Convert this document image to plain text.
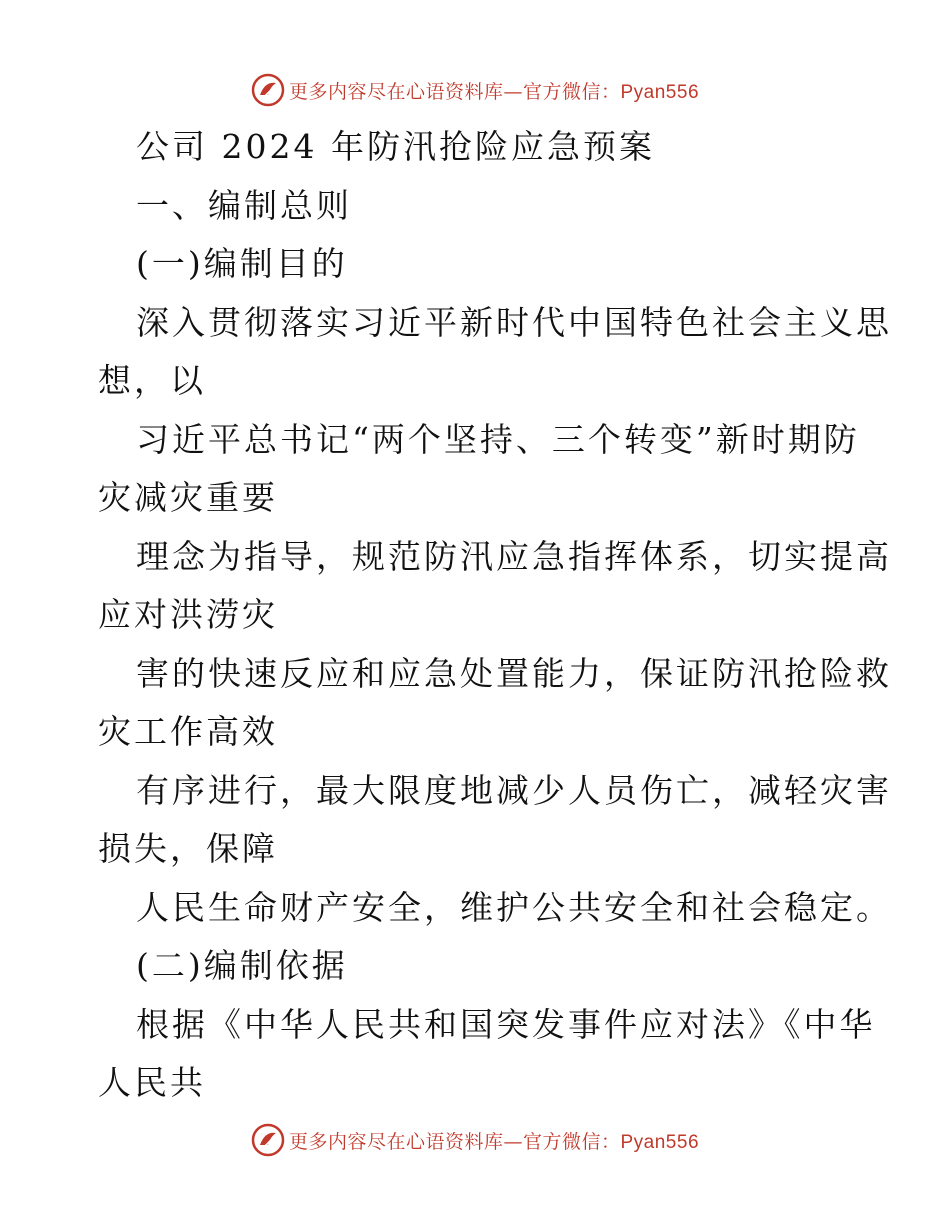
更多内容尽在心语资料库—官方微信：Pyan556
公司 2024 年防汛抢险应急预案
一、编制总则
(一)编制目的
深入贯彻落实习近平新时代中国特色社会主义思
想，以
习近平总书记“两个坚持、三个转变”新时期防
灾减灾重要
理念为指导，规范防汛应急指挥体系，切实提高
应对洪涝灾
害的快速反应和应急处置能力，保证防汛抢险救
灾工作高效
有序进行，最大限度地减少人员伤亡，减轻灾害
损失，保障
人民生命财产安全，维护公共安全和社会稳定。
(二)编制依据
根据《中华人民共和国突发事件应对法》《中华
人民共
更多内容尽在心语资料库—官方微信：Pyan556
